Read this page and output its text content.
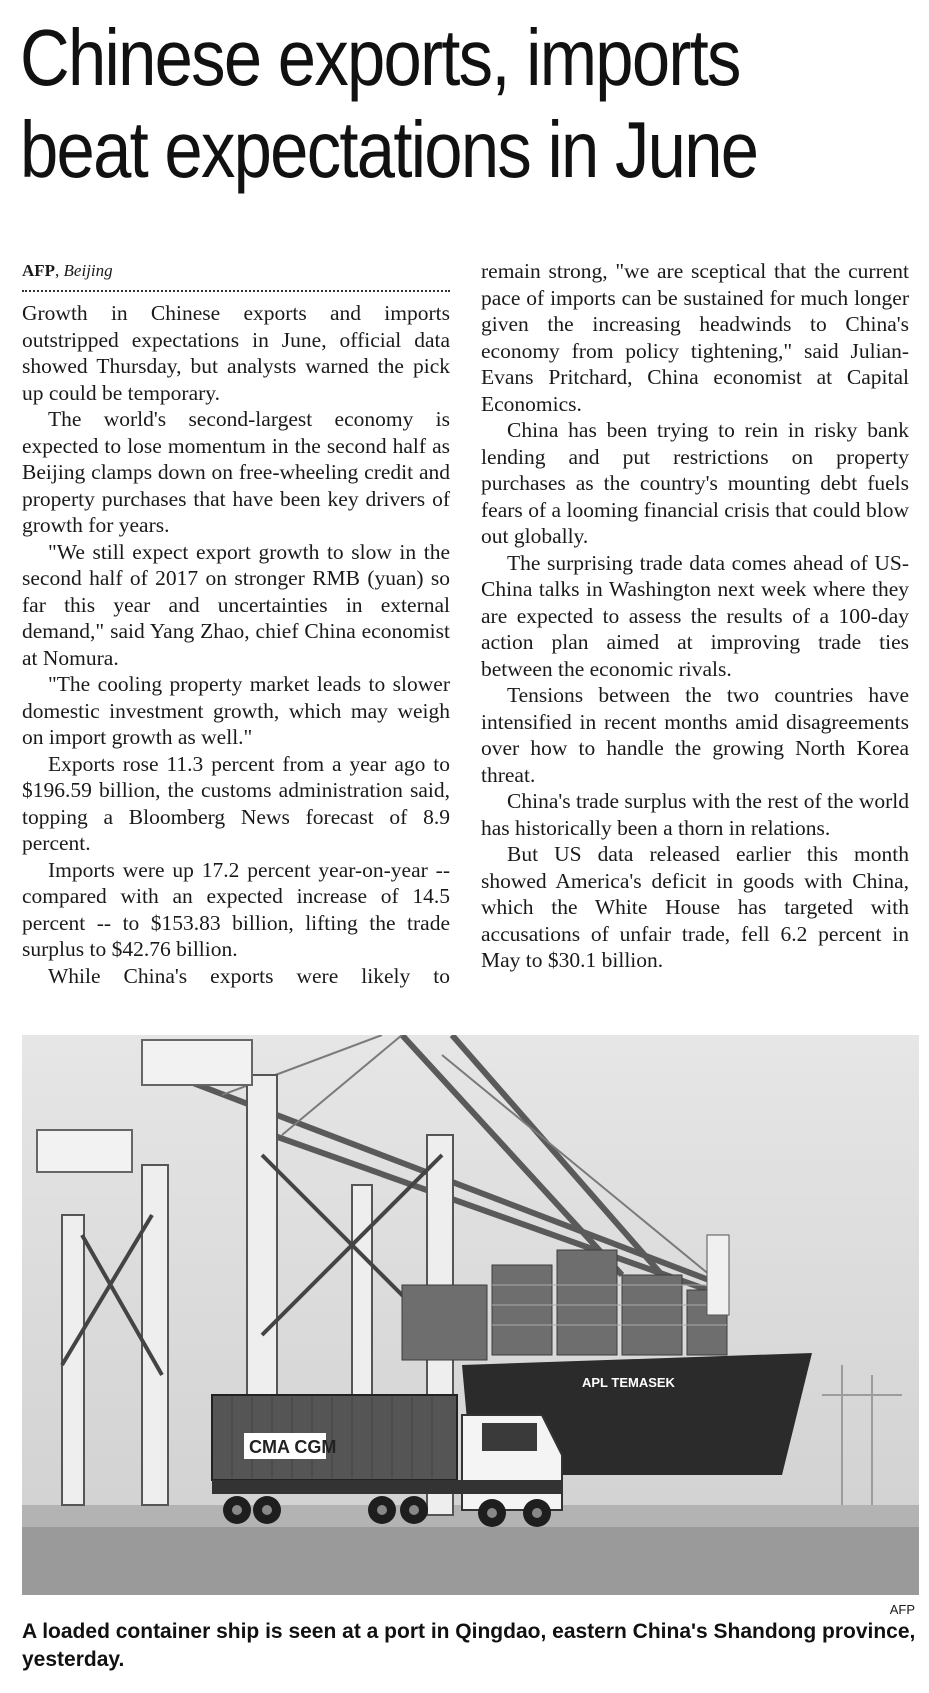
Chinese exports, imports
beat expectations in June
AFP, Beijing

Growth in Chinese exports and imports outstripped expectations in June, official data showed Thursday, but analysts warned the pick up could be temporary.

The world's second-largest economy is expected to lose momentum in the second half as Beijing clamps down on free-wheeling credit and property purchases that have been key drivers of growth for years.

"We still expect export growth to slow in the second half of 2017 on stronger RMB (yuan) so far this year and uncertainties in external demand," said Yang Zhao, chief China economist at Nomura.

"The cooling property market leads to slower domestic investment growth, which may weigh on import growth as well."

Exports rose 11.3 percent from a year ago to $196.59 billion, the customs administration said, topping a Bloomberg News forecast of 8.9 percent.

Imports were up 17.2 percent year-on-year -- compared with an expected increase of 14.5 percent -- to $153.83 billion, lifting the trade surplus to $42.76 billion.

While China's exports were likely to

remain strong, "we are sceptical that the current pace of imports can be sustained for much longer given the increasing headwinds to China's economy from policy tightening," said Julian-Evans Pritchard, China economist at Capital Economics.

China has been trying to rein in risky bank lending and put restrictions on property purchases as the country's mounting debt fuels fears of a looming financial crisis that could blow out globally.

The surprising trade data comes ahead of US-China talks in Washington next week where they are expected to assess the results of a 100-day action plan aimed at improving trade ties between the economic rivals.

Tensions between the two countries have intensified in recent months amid disagreements over how to handle the growing North Korea threat.

China's trade surplus with the rest of the world has historically been a thorn in relations.

But US data released earlier this month showed America's deficit in goods with China, which the White House has targeted with accusations of unfair trade, fell 6.2 percent in May to $30.1 billion.

APL TEMASEK
CMA CGM
AFP
A loaded container ship is seen at a port in Qingdao, eastern China's Shandong province, yesterday.
